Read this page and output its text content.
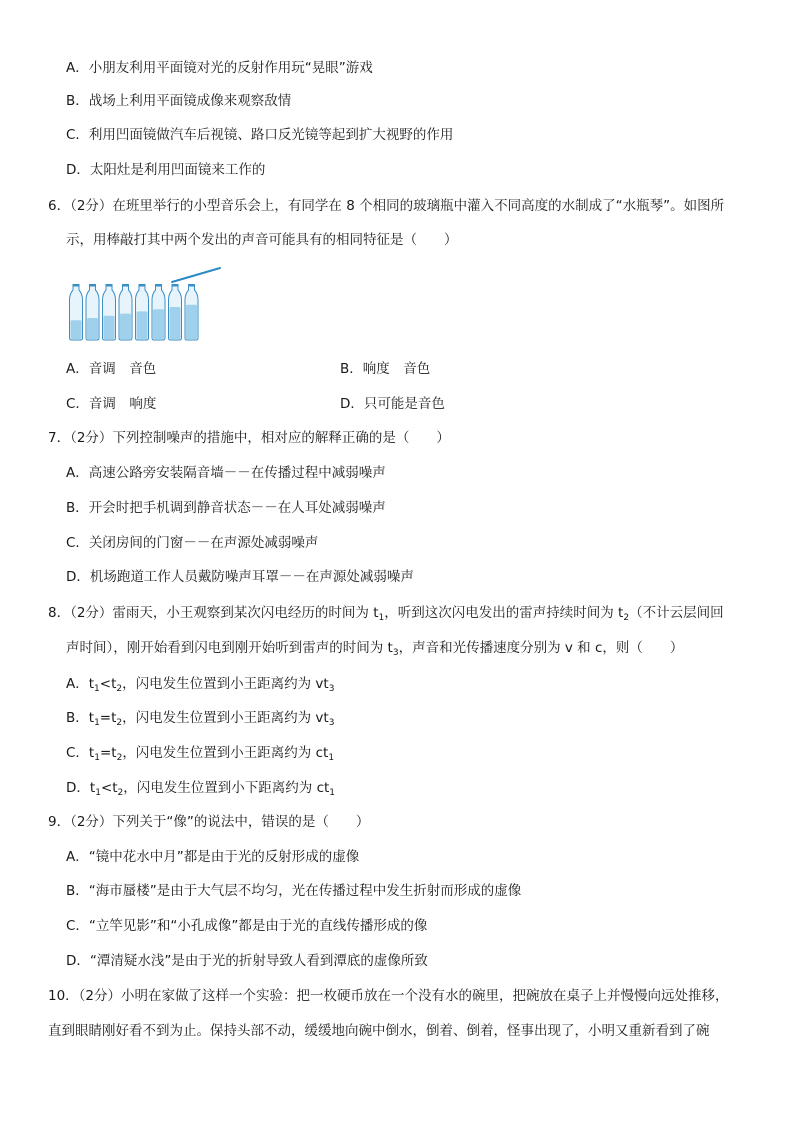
A．小朋友利用平面镜对光的反射作用玩“晃眼”游戏
B．战场上利用平面镜成像来观察敌情
C．利用凹面镜做汽车后视镜、路口反光镜等起到扩大视野的作用
D．太阳灶是利用凹面镜来工作的
6．（2分）在班里举行的小型音乐会上，有同学在 8 个相同的玻璃瓶中灌入不同高度的水制成了“水瓶琴”。如图所
示，用棒敲打其中两个发出的声音可能具有的相同特征是（　　）
A．音调　音色	B．响度　音色
C．音调　响度	D．只可能是音色
7．（2分）下列控制噪声的措施中，相对应的解释正确的是（　　）
A．高速公路旁安装隔音墙－－在传播过程中减弱噪声
B．开会时把手机调到静音状态－－在人耳处减弱噪声
C．关闭房间的门窗－－在声源处减弱噪声
D．机场跑道工作人员戴防噪声耳罩－－在声源处减弱噪声
8．（2分）雷雨天，小王观察到某次闪电经历的时间为 $t_1$，听到这次闪电发出的雷声持续时间为 $t_2$（不计云层间回
声时间），刚开始看到闪电到刚开始听到雷声的时间为 $t_3$，声音和光传播速度分别为 v 和 c，则（　　）
A．$t_1<t_2$，闪电发生位置到小王距离约为 $vt_3$
B．$t_1=t_2$，闪电发生位置到小王距离约为 $vt_3$
C．$t_1=t_2$，闪电发生位置到小王距离约为 $ct_1$
D．$t_1<t_2$，闪电发生位置到小下距离约为 $ct_1$
9．（2分）下列关于“像”的说法中，错误的是（　　）
A．“镜中花水中月”都是由于光的反射形成的虚像
B．“海市蜃楼”是由于大气层不均匀，光在传播过程中发生折射而形成的虚像
C．“立竿见影”和“小孔成像”都是由于光的直线传播形成的像
D．“潭清疑水浅”是由于光的折射导致人看到潭底的虚像所致
10．（2分）小明在家做了这样一个实验：把一枚硬币放在一个没有水的碗里，把碗放在桌子上并慢慢向远处推移，
直到眼睛刚好看不到为止。保持头部不动，缓缓地向碗中倒水，倒着、倒着，怪事出现了，小明又重新看到了碗
